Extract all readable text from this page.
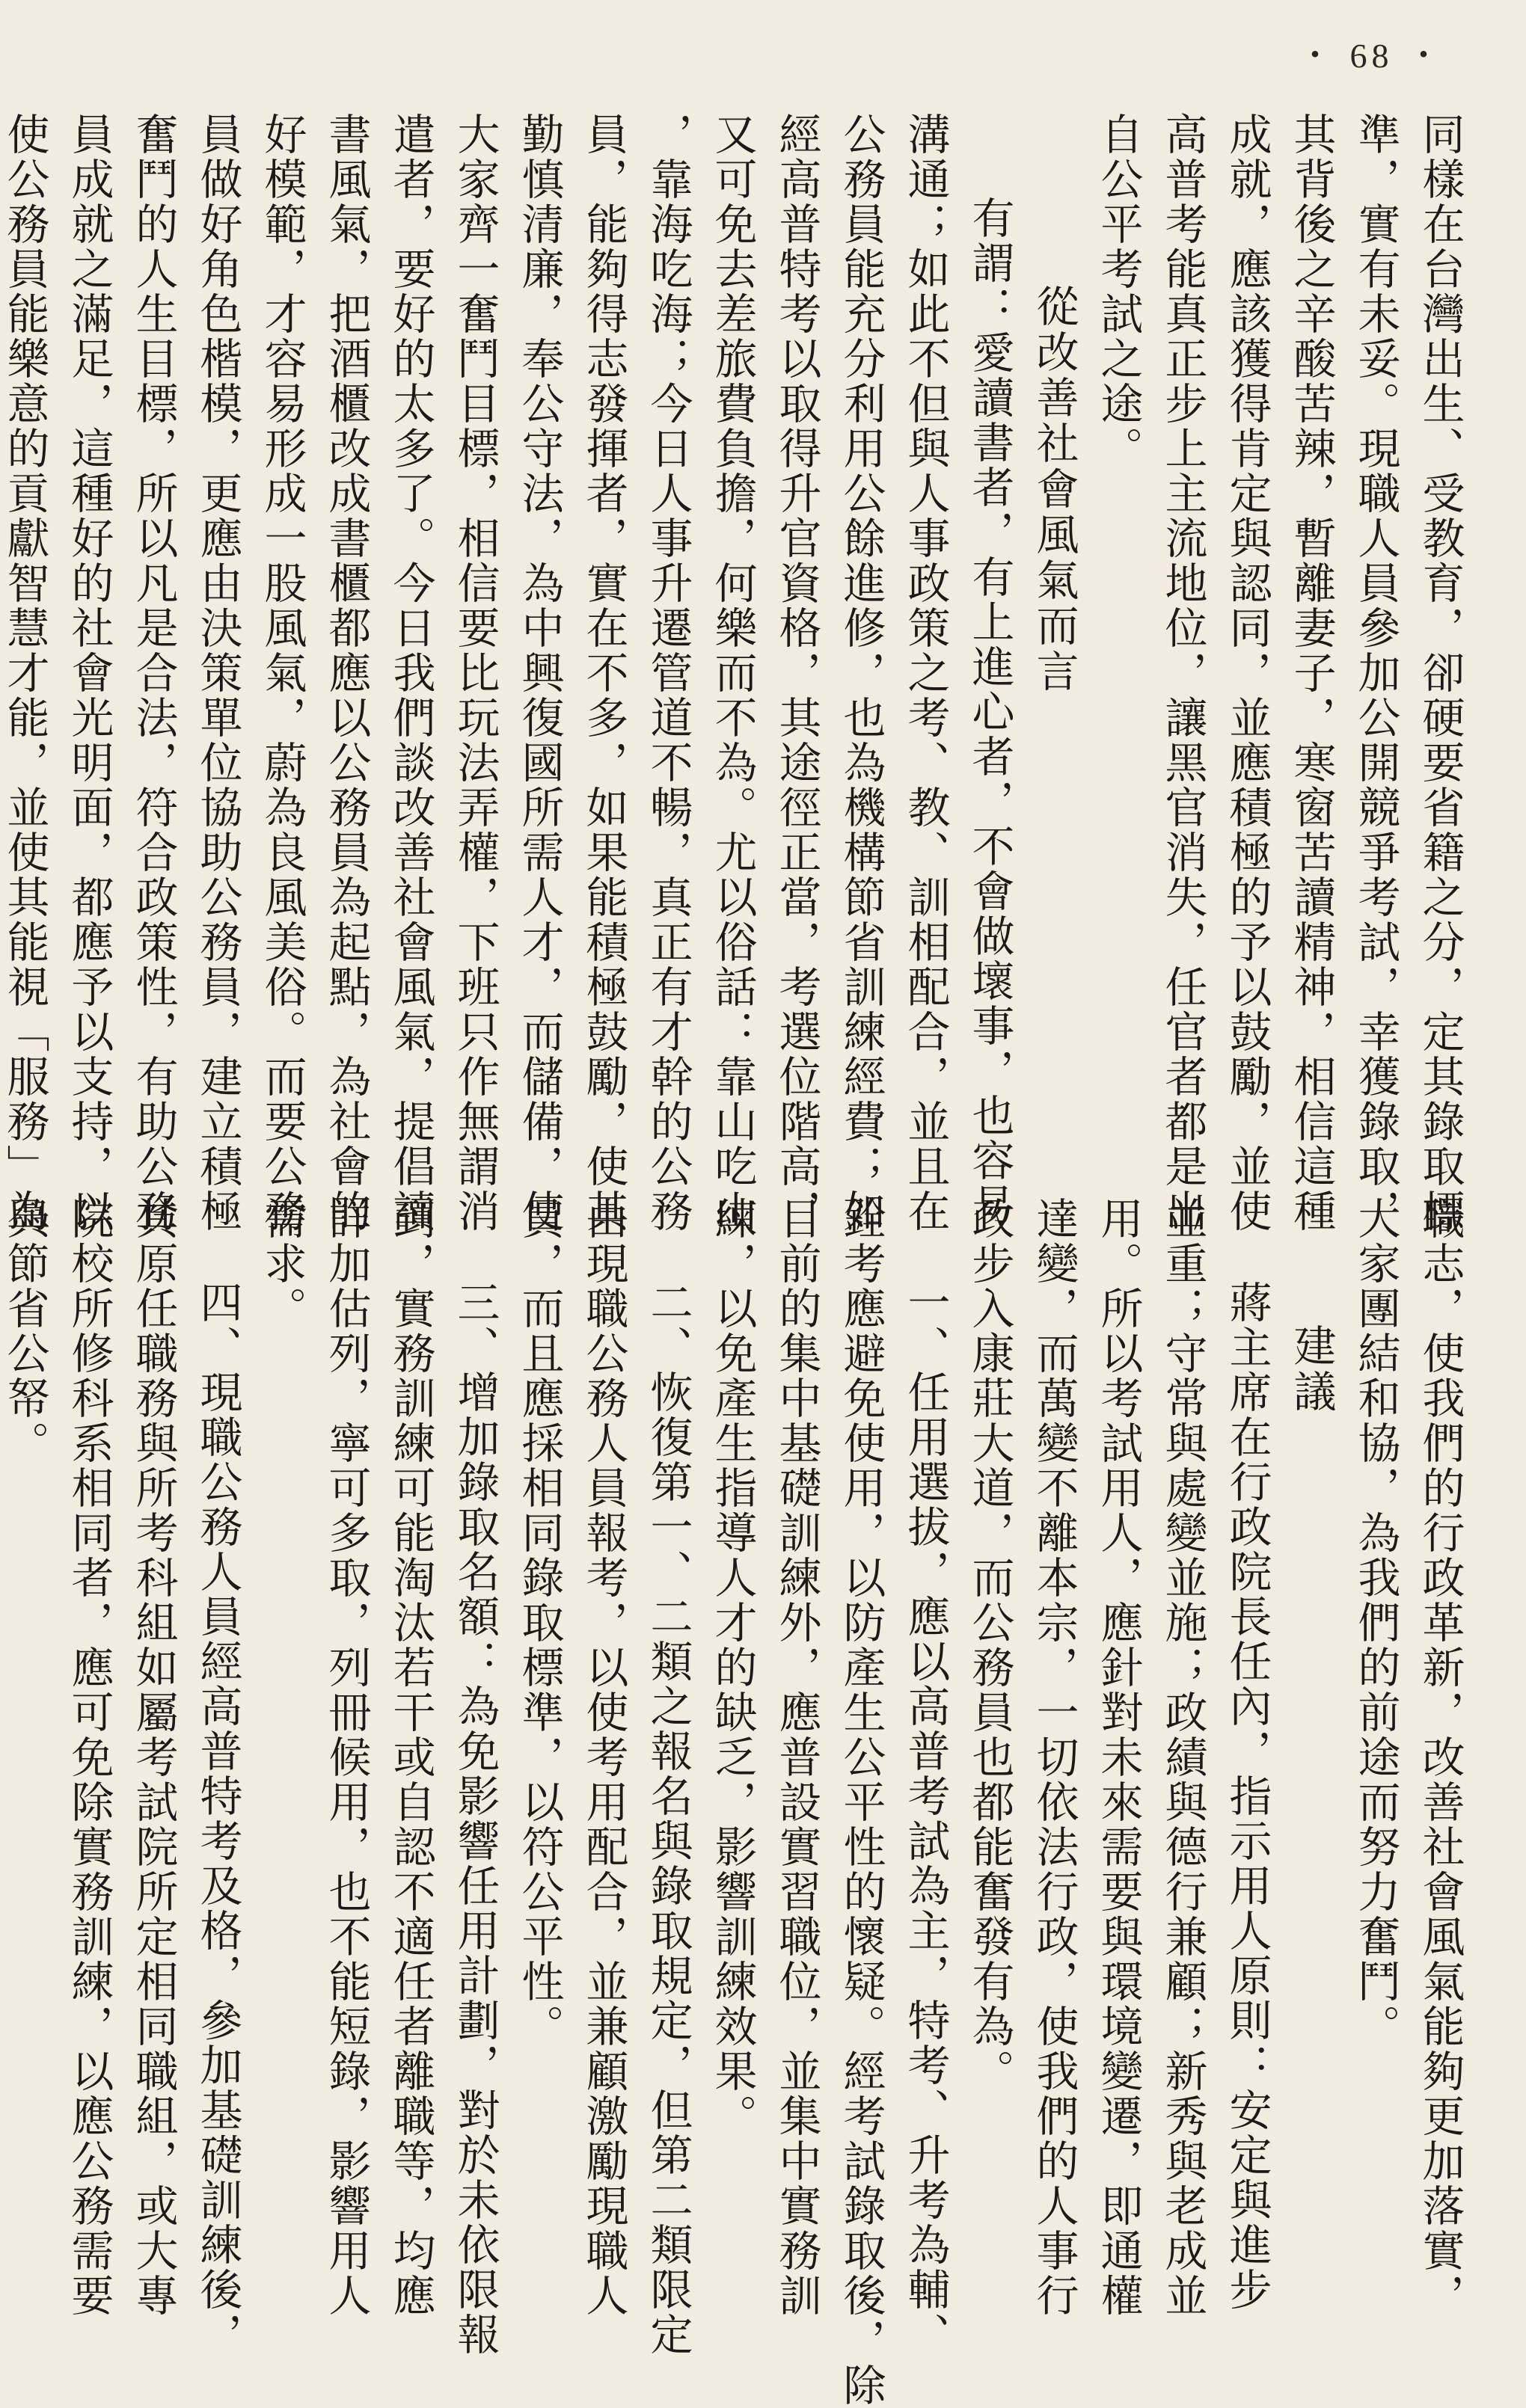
・ 68 ・
同樣在台灣出生、受教育，卻硬要省籍之分，定其錄取標
準，實有未妥。現職人員參加公開競爭考試，幸獲錄取，
其背後之辛酸苦辣，暫離妻子，寒窗苦讀精神，相信這種
成就，應該獲得肯定與認同，並應積極的予以鼓勵，並使
高普考能真正步上主流地位，讓黑官消失，任官者都是出
自公平考試之途。
從改善社會風氣而言
有謂：愛讀書者，有上進心者，不會做壞事，也容易
溝通；如此不但與人事政策之考、教、訓相配合，並且在
公務員能充分利用公餘進修，也為機構節省訓練經費；如
經高普特考以取得升官資格，其途徑正當，考選位階高，
又可免去差旅費負擔，何樂而不為。尤以俗話：靠山吃山
，靠海吃海；今日人事升遷管道不暢，真正有才幹的公務
員，能夠得志發揮者，實在不多，如果能積極鼓勵，使其
勤慎清廉，奉公守法，為中興復國所需人才，而儲備，使
大家齊一奮鬥目標，相信要比玩法弄權，下班只作無謂消
遣者，要好的太多了。今日我們談改善社會風氣，提倡讀
書風氣，把酒櫃改成書櫃都應以公務員為起點，為社會的
好模範，才容易形成一股風氣，蔚為良風美俗。而要公務
員做好角色楷模，更應由決策單位協助公務員，建立積極
奮鬥的人生目標，所以凡是合法，符合政策性，有助公務
員成就之滿足，這種好的社會光明面，都應予以支持，以
使公務員能樂意的貢獻智慧才能，並使其能視「服務」為
職志，使我們的行政革新，改善社會風氣能夠更加落實，
大家團結和協，為我們的前途而努力奮鬥。
建議
蔣主席在行政院長任內，指示用人原則：安定與進步
並重；守常與處變並施；政績與德行兼顧；新秀與老成並
用。所以考試用人，應針對未來需要與環境變遷，即通權
達變，而萬變不離本宗，一切依法行政，使我們的人事行
政步入康莊大道，而公務員也都能奮發有為。
一、任用選拔，應以高普考試為主，特考、升考為輔、
銓考應避免使用，以防產生公平性的懷疑。經考試錄取後，除
目前的集中基礎訓練外，應普設實習職位，並集中實務訓
練，以免產生指導人才的缺乏，影響訓練效果。
二、恢復第一、二類之報名與錄取規定，但第二類限定
由現職公務人員報考，以使考用配合，並兼顧激勵現職人
員，而且應採相同錄取標準，以符公平性。
三、增加錄取名額：為免影響任用計劃，對於未依限報
到，實務訓練可能淘汰若干或自認不適任者離職等，均應
詳加估列，寧可多取，列冊候用，也不能短錄，影響用人
需求。
四、現職公務人員經高普特考及格，參加基礎訓練後，
其原任職務與所考科組如屬考試院所定相同職組，或大專
院校所修科系相同者，應可免除實務訓練，以應公務需要
與節省公帑。
